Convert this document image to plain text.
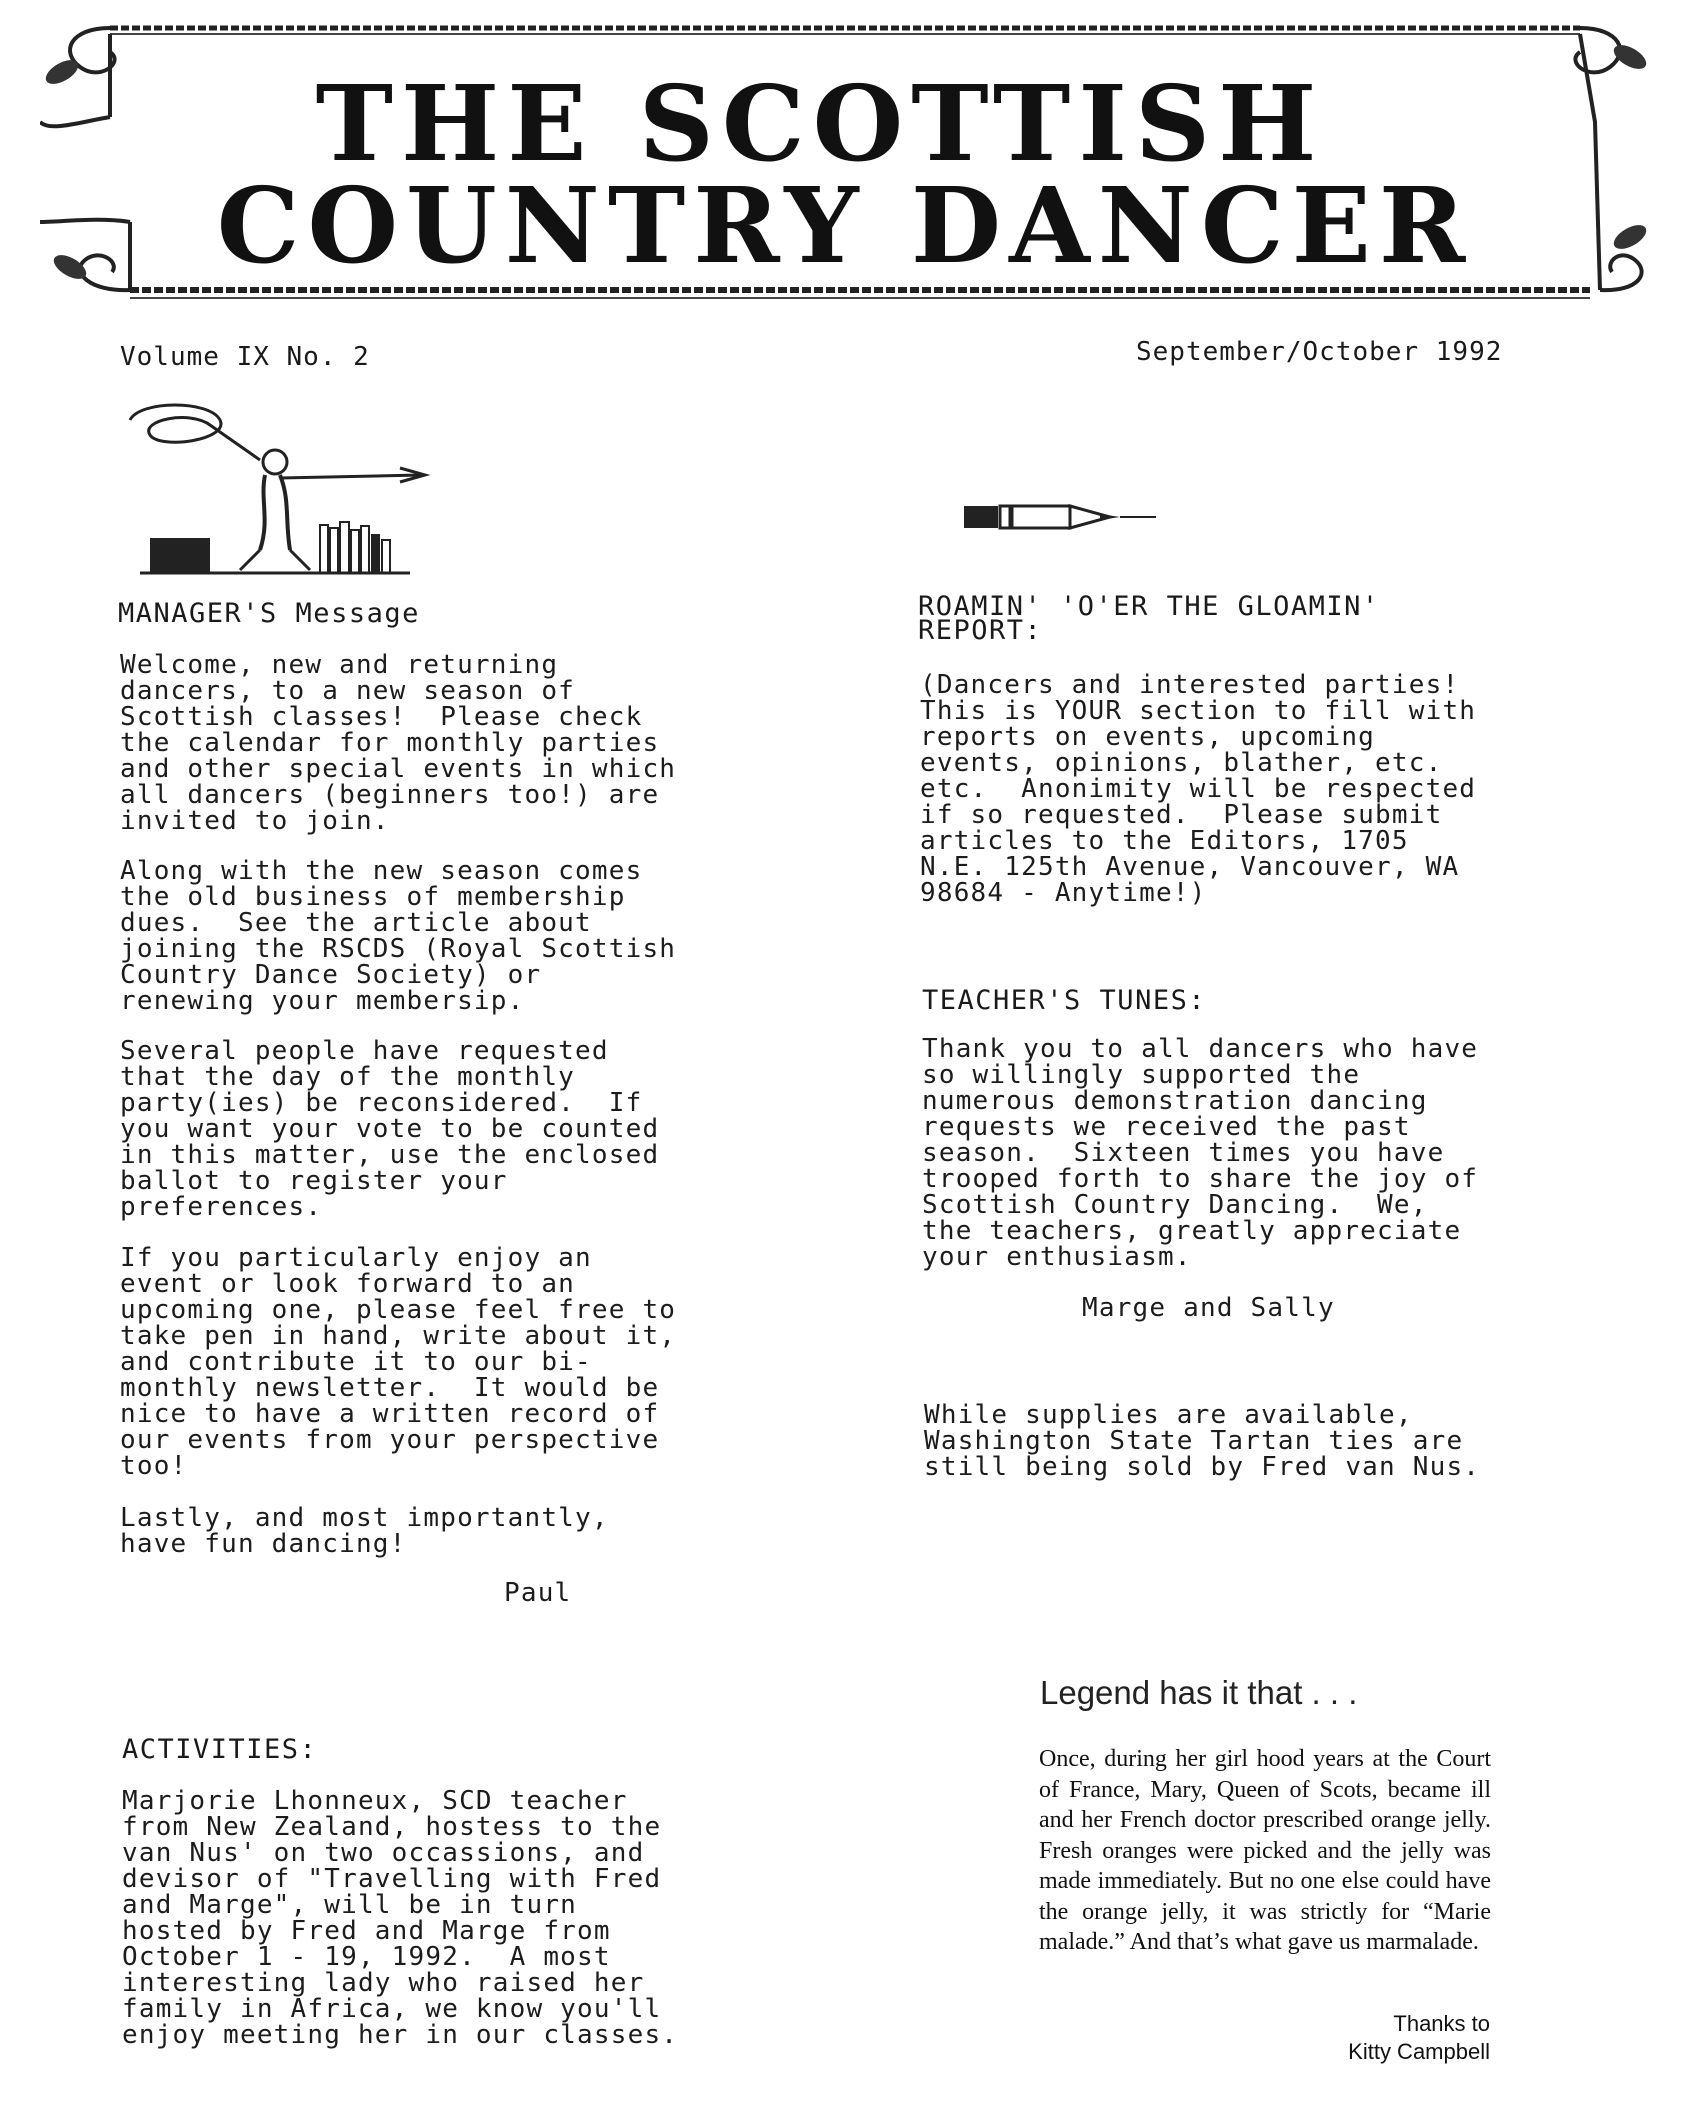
THE SCOTTISH
COUNTRY DANCER
Volume IX No. 2	September/October 1992
MANAGER'S Message
Welcome, new and returning
dancers, to a new season of
Scottish classes!  Please check
the calendar for monthly parties
and other special events in which
all dancers (beginners too!) are
invited to join.
Along with the new season comes
the old business of membership
dues.  See the article about
joining the RSCDS (Royal Scottish
Country Dance Society) or
renewing your membersip.
Several people have requested
that the day of the monthly
party(ies) be reconsidered.  If
you want your vote to be counted
in this matter, use the enclosed
ballot to register your
preferences.
If you particularly enjoy an
event or look forward to an
upcoming one, please feel free to
take pen in hand, write about it,
and contribute it to our bi-
monthly newsletter.  It would be
nice to have a written record of
our events from your perspective
too!
Lastly, and most importantly,
have fun dancing!
Paul
ACTIVITIES:
Marjorie Lhonneux, SCD teacher
from New Zealand, hostess to the
van Nus' on two occassions, and
devisor of "Travelling with Fred
and Marge", will be in turn
hosted by Fred and Marge from
October 1 - 19, 1992.  A most
interesting lady who raised her
family in Africa, we know you'll
enjoy meeting her in our classes.
ROAMIN' 'O'ER THE GLOAMIN'
REPORT:
(Dancers and interested parties!
This is YOUR section to fill with
reports on events, upcoming
events, opinions, blather, etc.
etc.  Anonimity will be respected
if so requested.  Please submit
articles to the Editors, 1705
N.E. 125th Avenue, Vancouver, WA
98684 - Anytime!)
TEACHER'S TUNES:
Thank you to all dancers who have
so willingly supported the
numerous demonstration dancing
requests we received the past
season.  Sixteen times you have
trooped forth to share the joy of
Scottish Country Dancing.  We,
the teachers, greatly appreciate
your enthusiasm.
Marge and Sally
While supplies are available,
Washington State Tartan ties are
still being sold by Fred van Nus.
Legend has it that . . .
Once, during her girl hood years at the Court of France, Mary, Queen of Scots, became ill and her French doctor prescribed orange jelly. Fresh oranges were picked and the jelly was made immediately. But no one else could have the orange jelly, it was strictly for “Marie malade.” And that’s what gave us marmalade.
Thanks to
Kitty Campbell
